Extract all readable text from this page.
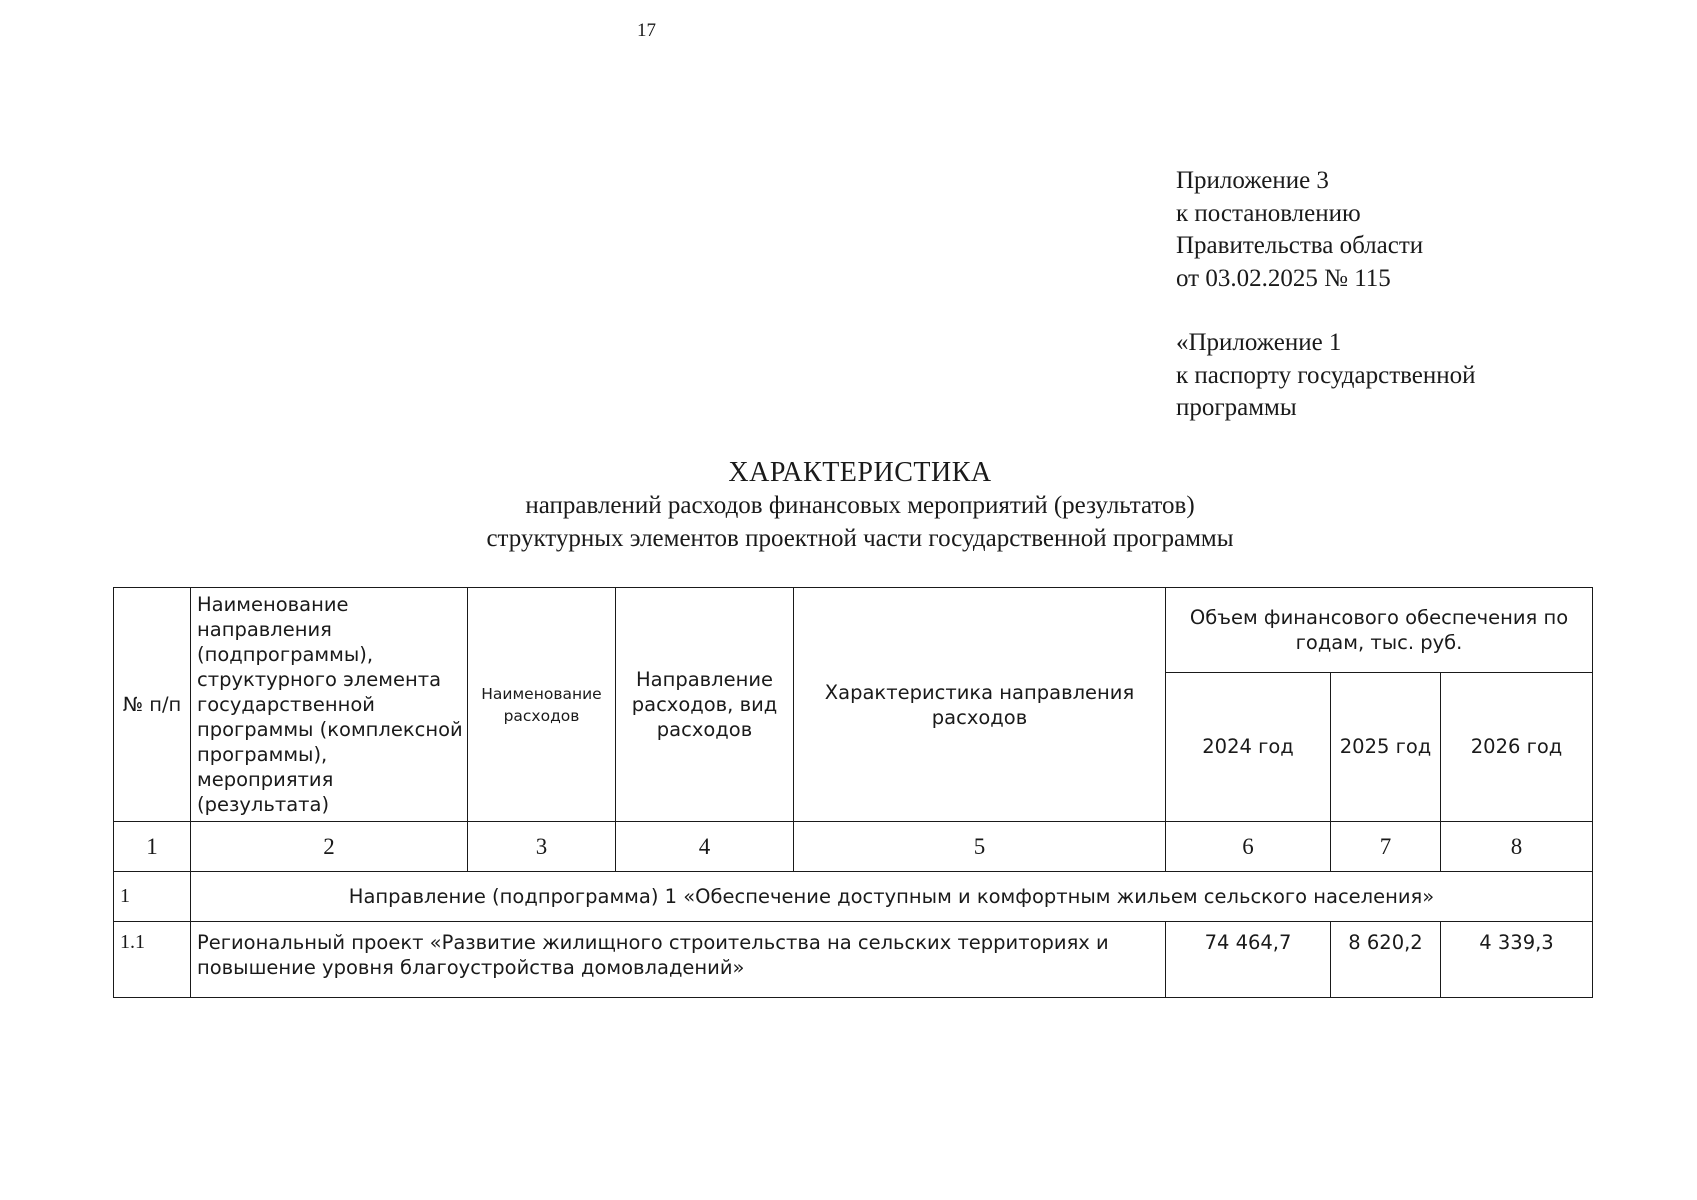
17
Приложение 3
к постановлению
Правительства области
от 03.02.2025 № 115
«Приложение 1
к паспорту государственной
программы
ХАРАКТЕРИСТИКА
направлений расходов финансовых мероприятий (результатов)
структурных элементов проектной части государственной программы
№ п/п	Наименование направления (подпрограммы), структурного элемента государственной программы (комплексной программы), мероприятия (результата)	Наименование расходов	Направление расходов, вид расходов	Характеристика направления расходов	Объем финансового обеспечения по годам, тыс. руб.		
					2024 год	2025 год	2026 год
1	2	3	4	5	6	7	8
1	Направление (подпрограмма) 1 «Обеспечение доступным и комфортным жильем сельского населения»						
1.1	Региональный проект «Развитие жилищного строительства на сельских территориях и повышение уровня благоустройства домовладений»				74 464,7	8 620,2	4 339,3
